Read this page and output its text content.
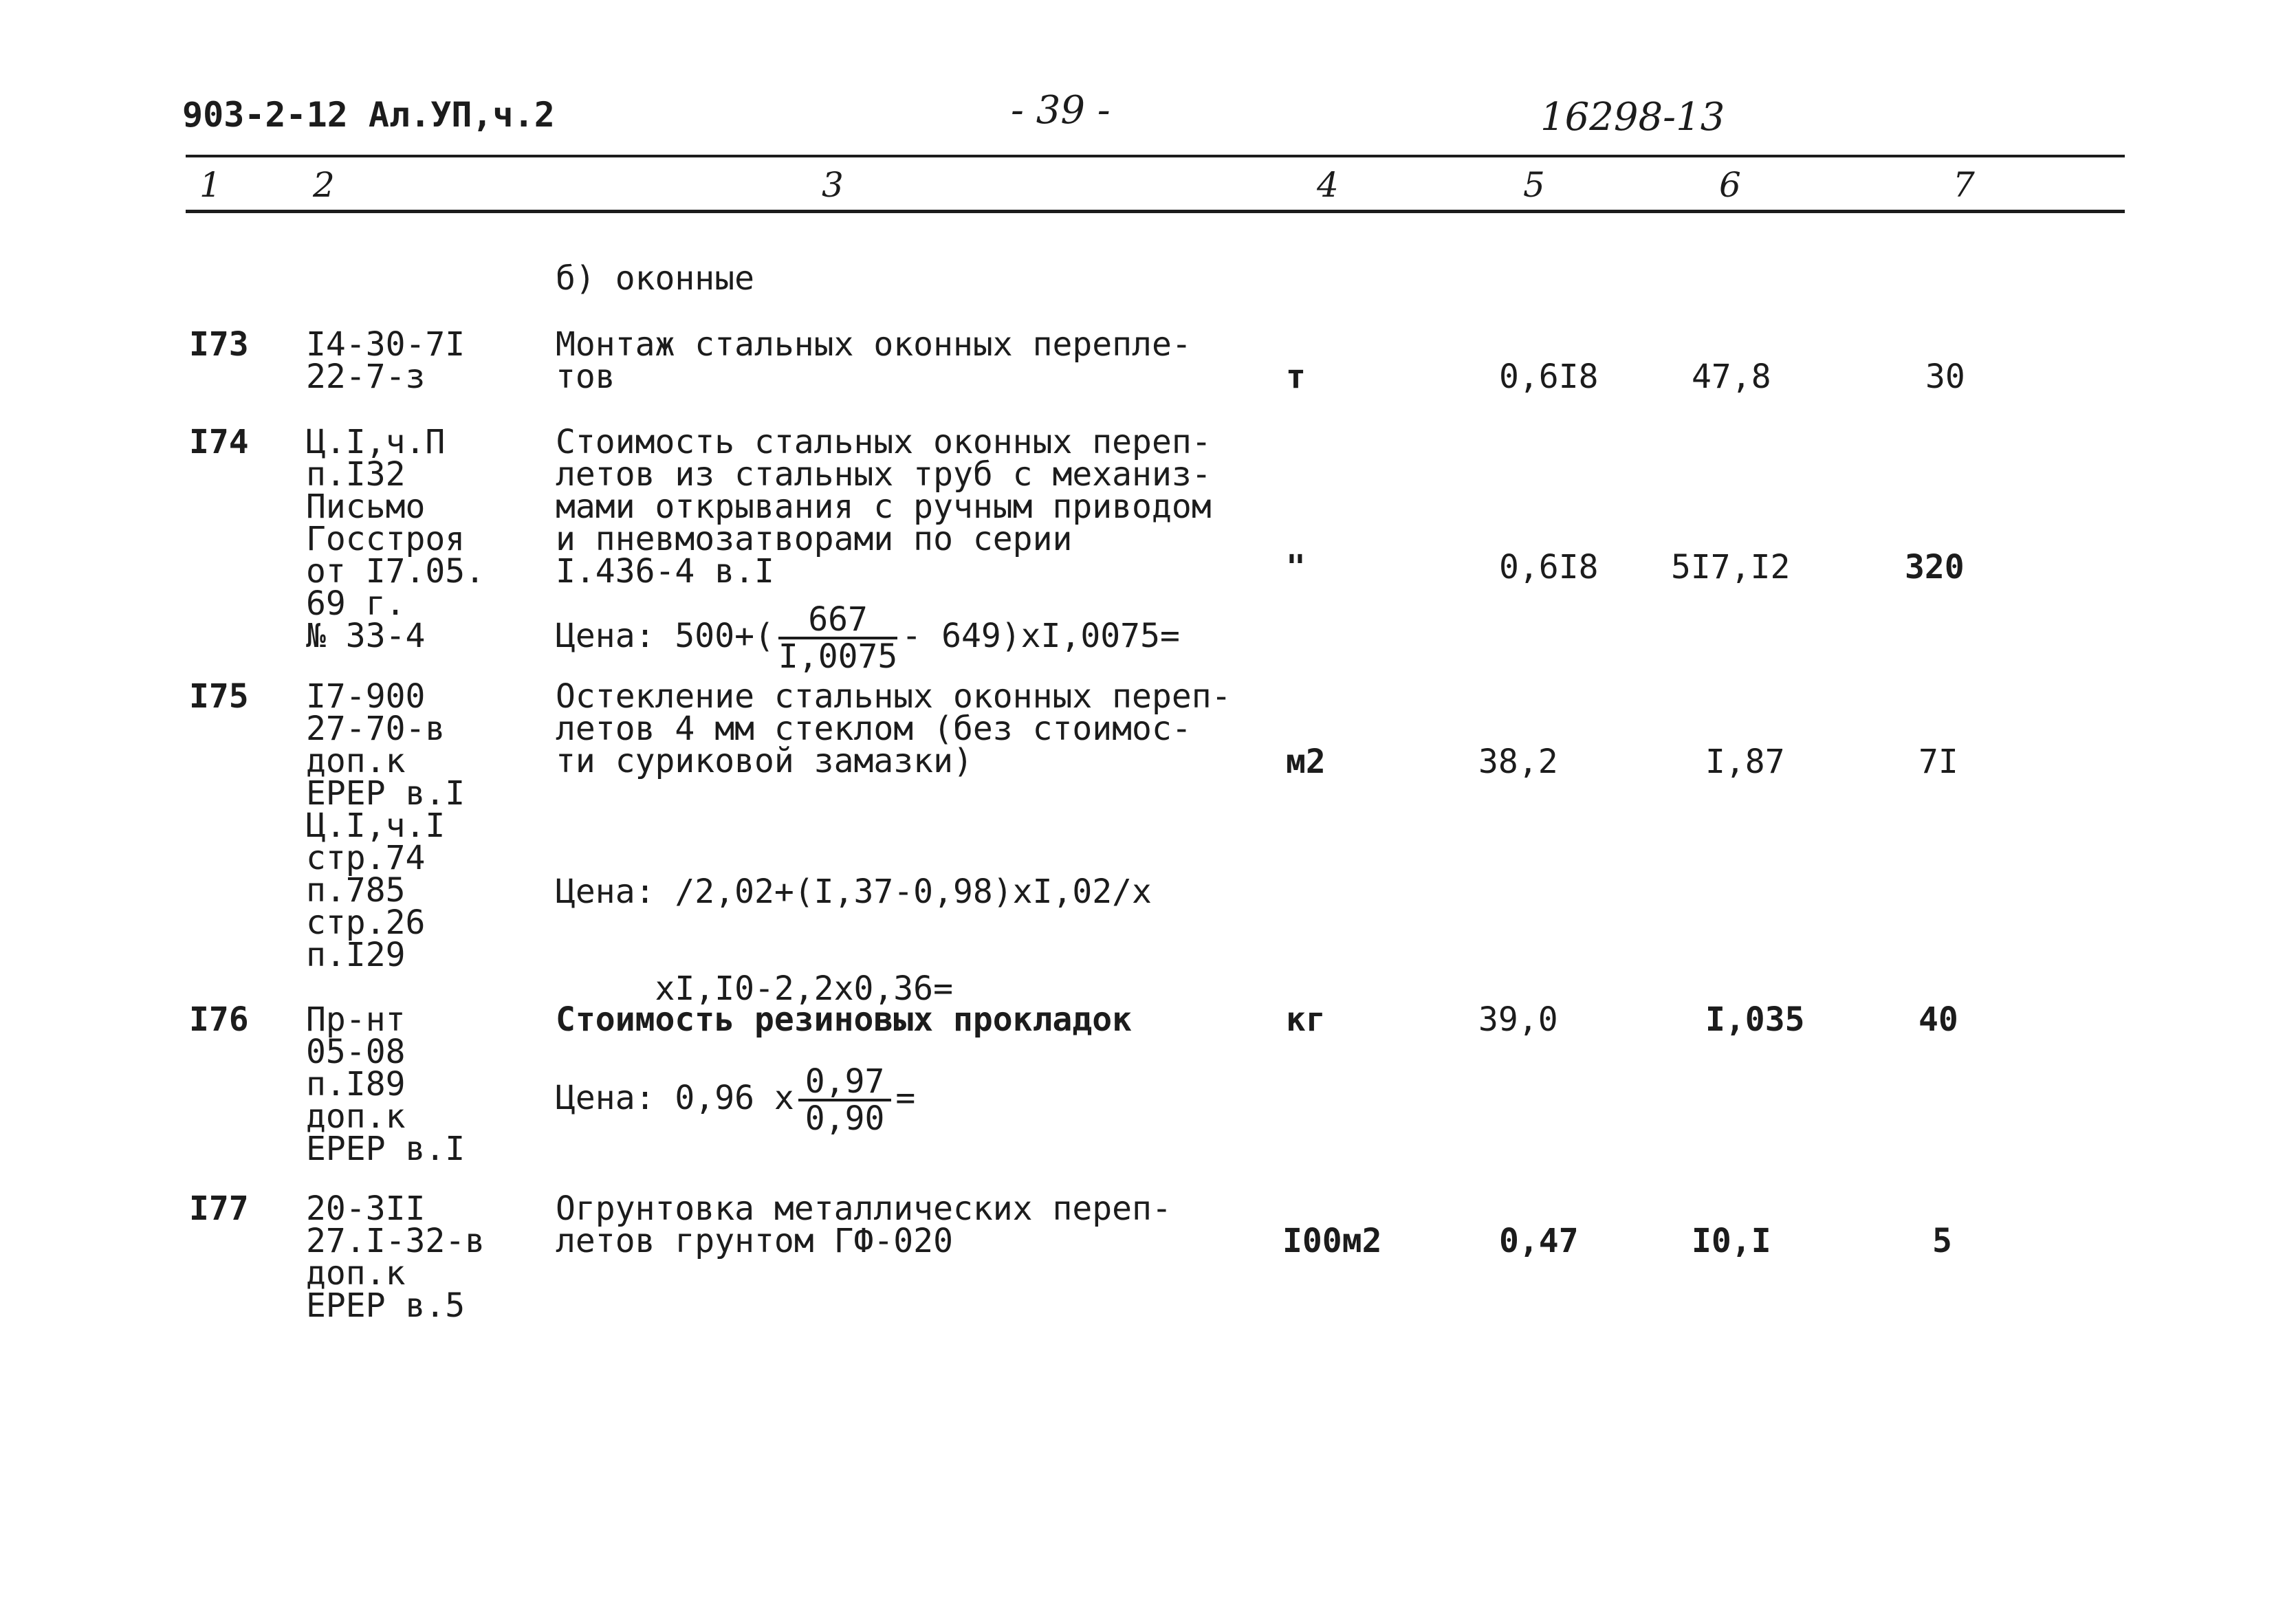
903-2-12 Ал.УП,ч.2	- 39 -	16298-13
1	2	3	4	5	6	7
б) оконные
I73 I4-30-7I
22-7-з
Монтаж стальных оконных переплe-
тов	т	0,6I8	47,8	30
I74 Ц.I,ч.П
п.I32
Письмо
Госстроя
от I7.05.
69 г.
№ 33-4
Стоимость стальных оконных переп-
летов из стальных труб с механиз-
мами открывания с ручным приводом
и пневмозатворами по серии
I.436-4 в.I
Цена: $500+( \frac{667}{I,0075} - 649)xI,0075=$
"	0,6I8 5I7,I2	320
I75 I7-900
27-70-в
доп.к
ЕРЕР в.I
Ц.I,ч.I
стр.74
п.785
стр.26
п.I29
Остекление стальных оконных переп-
летов 4 мм стеклом (без стоимос-
ти суриковой замазки)

Цена: /2,02+(I,37-0,98)xI,02/x

xI,I0-2,2x0,36=

м2	38,2	I,87	7I
I76 Пр-нт
05-08
п.I89
доп.к
ЕРЕР в.I
Стоимость резиновых прокладок
Цена: 0,96 x $\frac{0,97}{0,90}$ =
кг	39,0	I,035	40
I77 20-3II
27.I-32-в
доп.к
ЕРЕР в.5
Огрунтовка металлических переп-
летов грунтом ГФ-020	I00м2	0,47	I0,I	5
